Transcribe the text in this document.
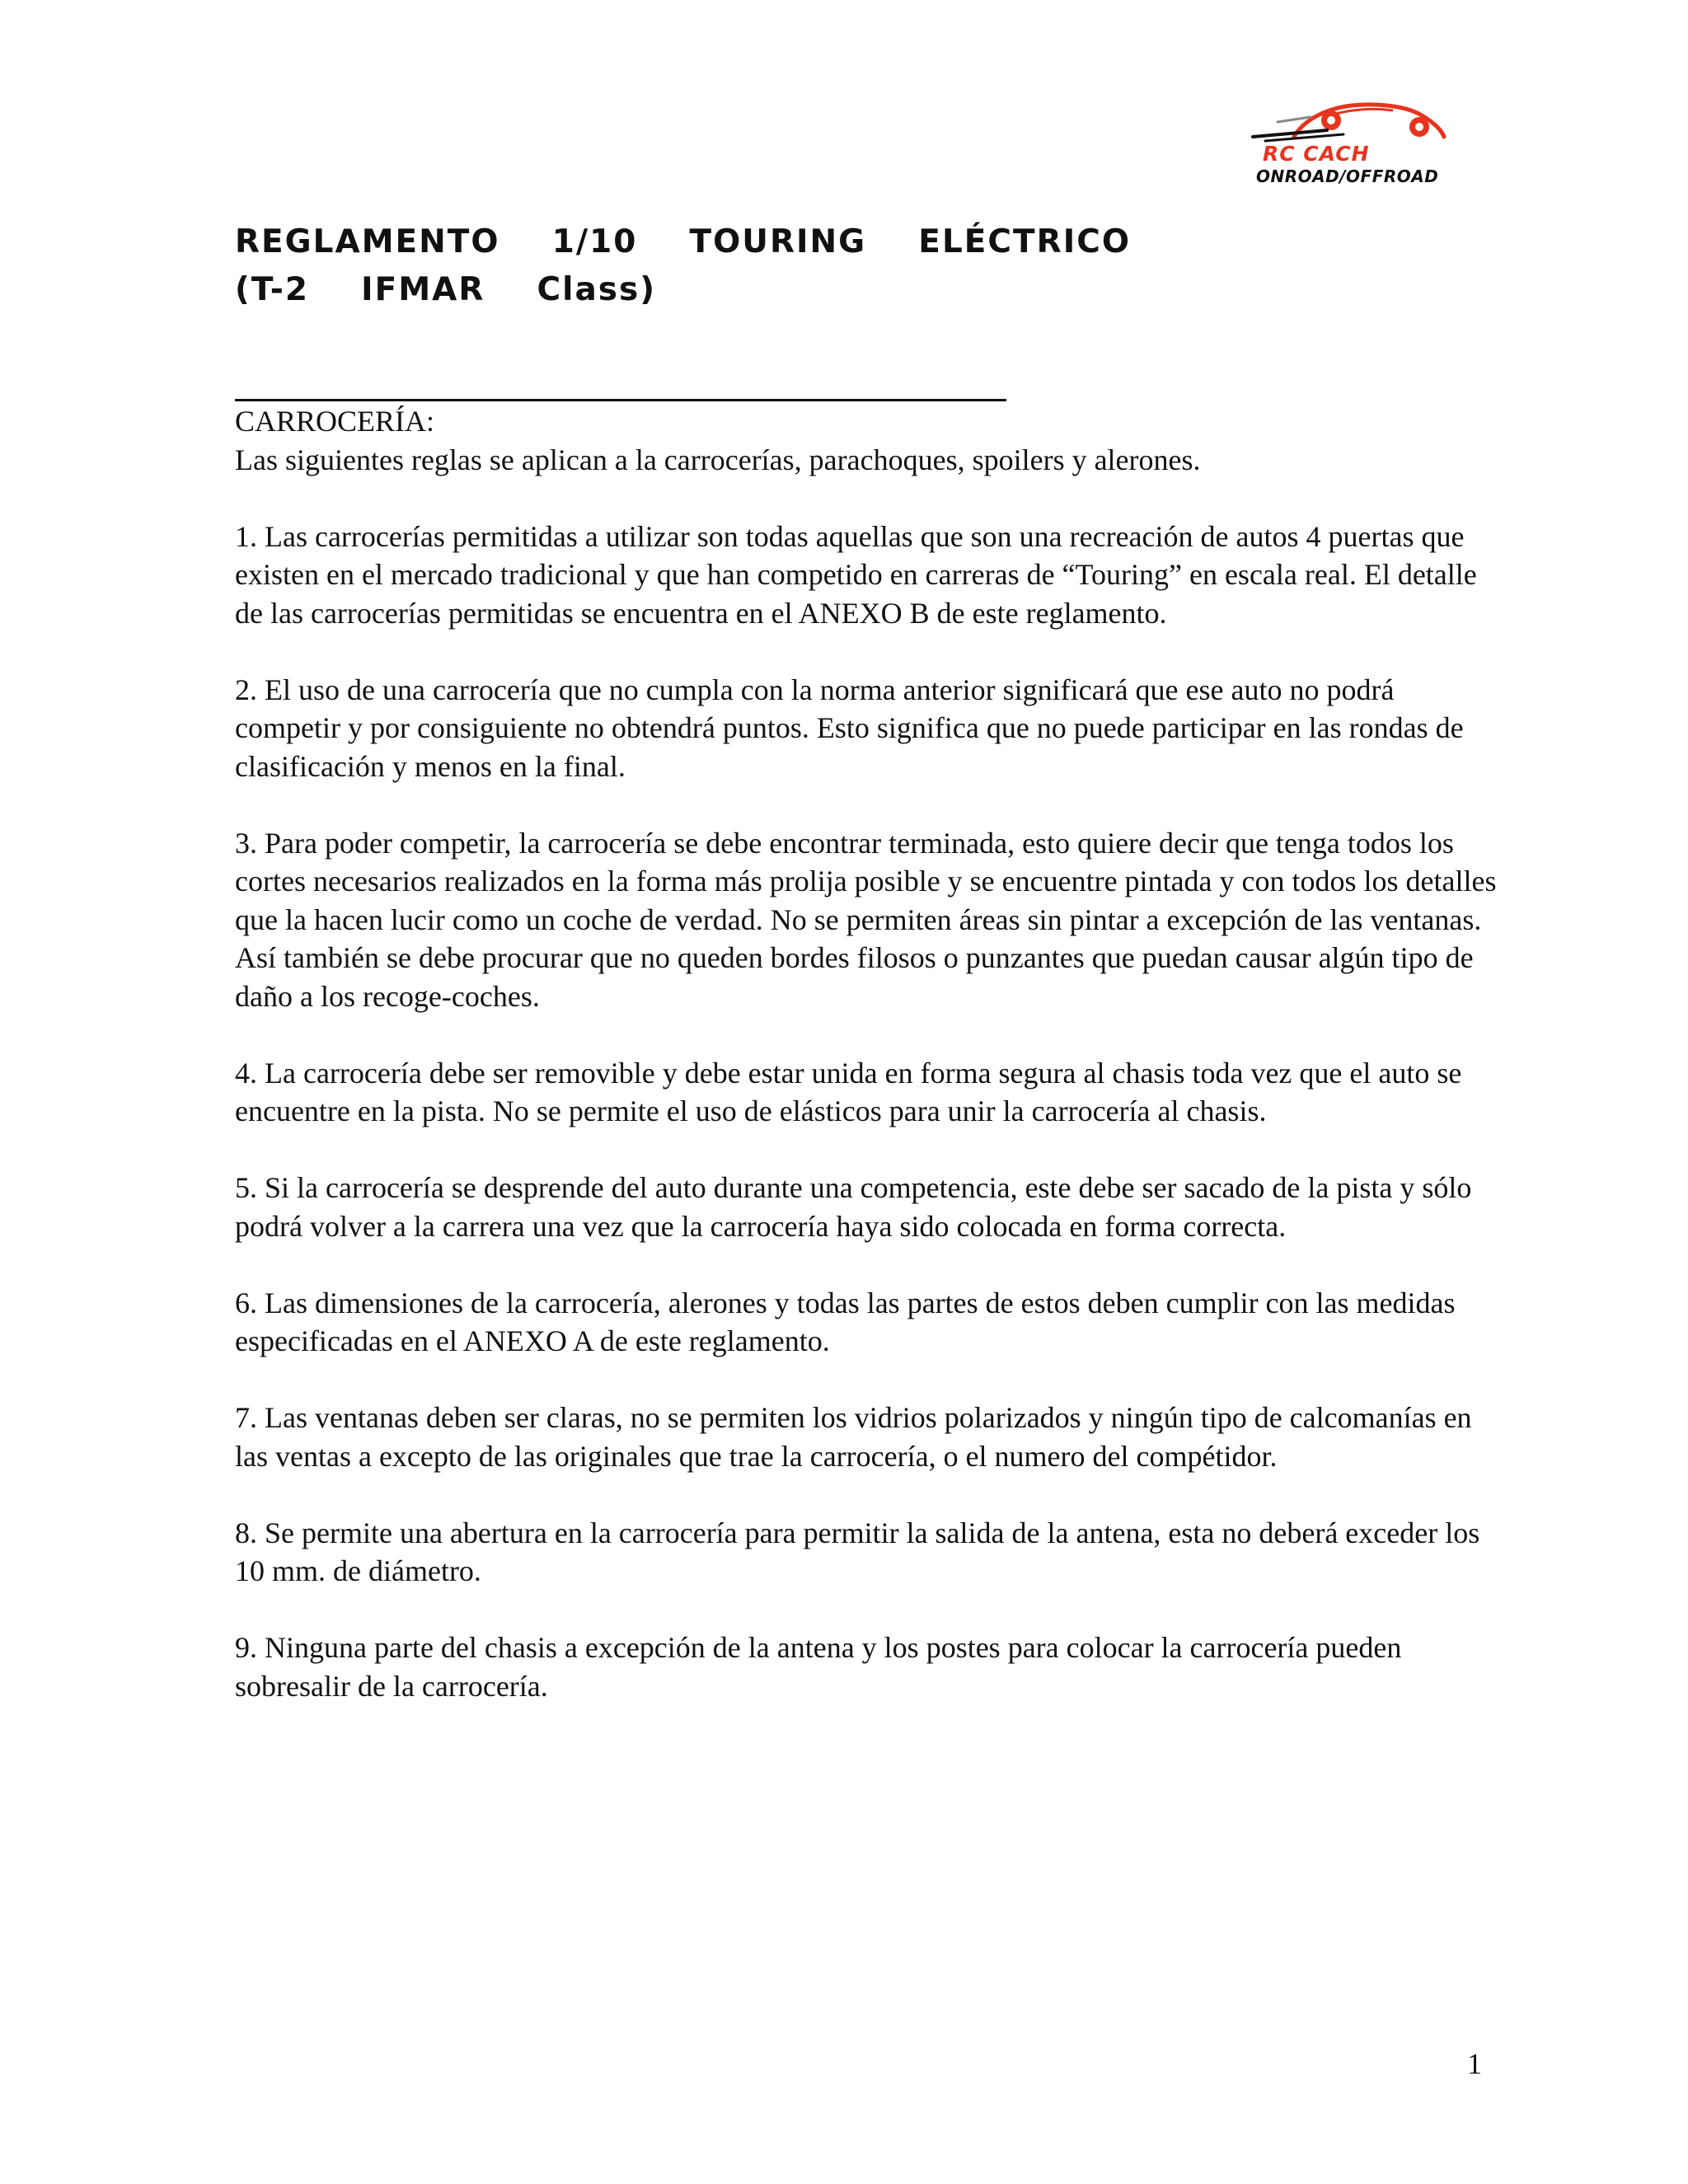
RC CACH
ONROAD/OFFROAD
REGLAMENTO  1/10  TOURING  ELÉCTRICO
(T-2  IFMAR  Class)

CARROCERÍA:

Las siguientes reglas se aplican a la carrocerías, parachoques, spoilers y alerones.

1. Las carrocerías permitidas a utilizar son todas aquellas que son una recreación de autos 4 puertas que existen en el mercado tradicional y que han competido en carreras de “Touring” en escala real. El detalle de las carrocerías permitidas se encuentra en el ANEXO B de este reglamento.

2. El uso de una carrocería que no cumpla con la norma anterior significará que ese auto no podrá competir y por consiguiente no obtendrá puntos. Esto significa que no puede participar en las rondas de clasificación y menos en la final.

3. Para poder competir, la carrocería se debe encontrar terminada, esto quiere decir que tenga todos los cortes necesarios realizados en la forma más prolija posible y se encuentre pintada y con todos los detalles que la hacen lucir como un coche de verdad. No se permiten áreas sin pintar a excepción de las ventanas. Así también se debe procurar que no queden bordes filosos o punzantes que puedan causar algún tipo de daño a los recoge-coches.

4. La carrocería debe ser removible y debe estar unida en forma segura al chasis toda vez que el auto se encuentre en la pista. No se permite el uso de elásticos para unir la carrocería al chasis.

5. Si la carrocería se desprende del auto durante una competencia, este debe ser sacado de la pista y sólo podrá volver a la carrera una vez que la carrocería haya sido colocada en forma correcta.

6. Las dimensiones de la carrocería, alerones y todas las partes de estos deben cumplir con las medidas especificadas en el ANEXO A de este reglamento.

7. Las ventanas deben ser claras, no se permiten los vidrios polarizados y ningún tipo de calcomanías en las ventas a excepto de las originales que trae la carrocería, o el numero del compétidor.

8. Se permite una abertura en la carrocería para permitir la salida de la antena, esta no deberá exceder los 10 mm. de diámetro.

9. Ninguna parte del chasis a excepción de la antena y los postes para colocar la carrocería pueden sobresalir de la carrocería.

1
